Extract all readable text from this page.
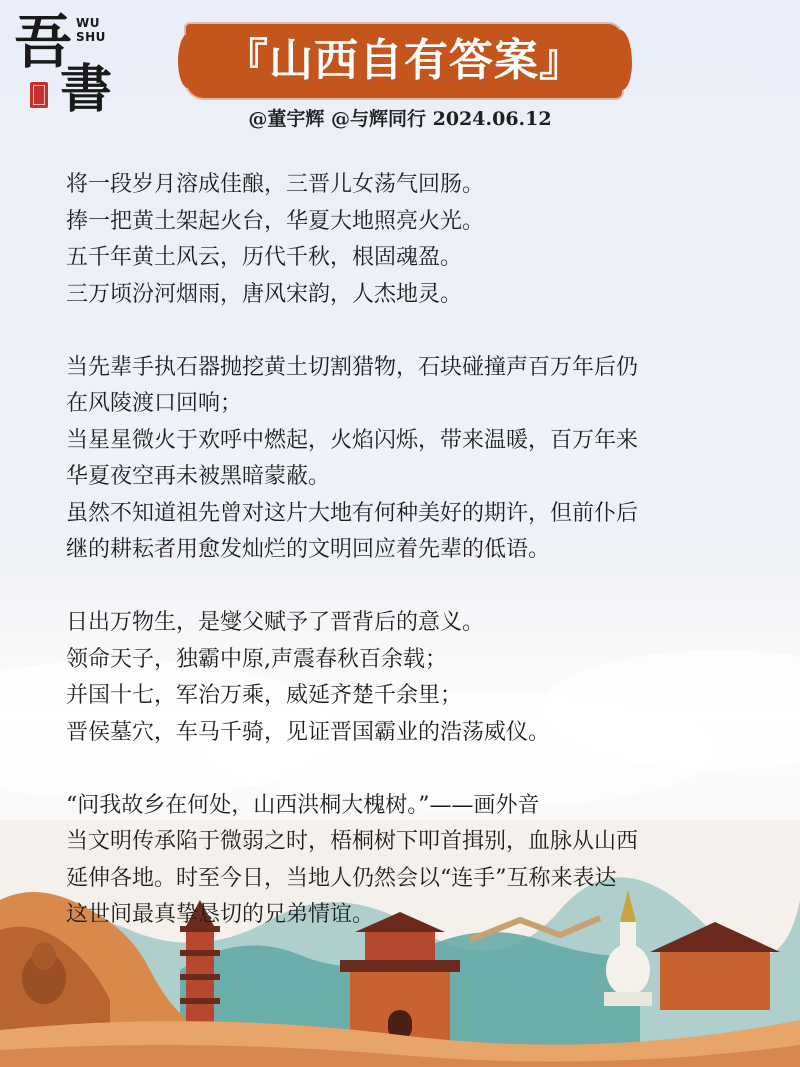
吾 WU
SHU
書	『山西自有答案』
@董宇辉 @与辉同行 2024.06.12
将一段岁月溶成佳酿，三晋儿女荡气回肠。
捧一把黄土架起火台，华夏大地照亮火光。
五千年黄土风云，历代千秋，根固魂盈。
三万顷汾河烟雨，唐风宋韵，人杰地灵。
当先辈手执石器抛挖黄土切割猎物，石块碰撞声百万年后仍
在风陵渡口回响；
当星星微火于欢呼中燃起，火焰闪烁，带来温暖，百万年来
华夏夜空再未被黑暗蒙蔽。
虽然不知道祖先曾对这片大地有何种美好的期许，但前仆后
继的耕耘者用愈发灿烂的文明回应着先辈的低语。
日出万物生，是燮父赋予了晋背后的意义。
领命天子，独霸中原,声震春秋百余载；
并国十七，军治万乘，威延齐楚千余里；
晋侯墓穴，车马千骑，见证晋国霸业的浩荡威仪。
“问我故乡在何处，山西洪桐大槐树。”——画外音
当文明传承陷于微弱之时，梧桐树下叩首揖别，血脉从山西
延伸各地。时至今日，当地人仍然会以“连手”互称来表达
这世间最真挚恳切的兄弟情谊。
